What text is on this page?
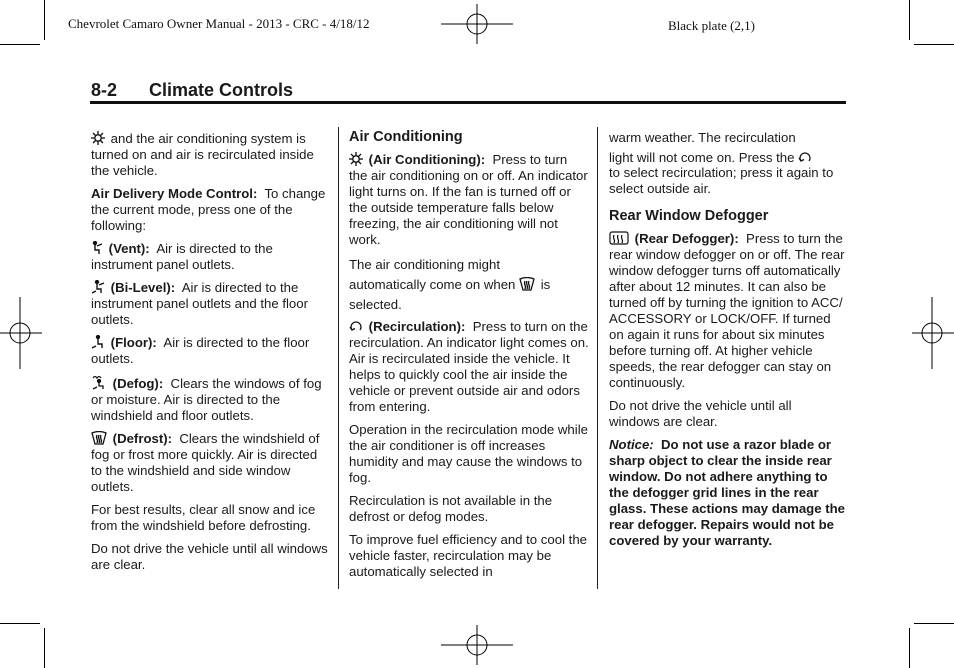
Chevrolet Camaro Owner Manual - 2013 - CRC - 4/18/12	Black plate (2,1)
8-2 Climate Controls

and the air conditioning system is turned on and air is recirculated inside the vehicle.

Air Delivery Mode Control: To change the current mode, press one of the following:

(Vent): Air is directed to the instrument panel outlets.

(Bi-Level): Air is directed to the instrument panel outlets and the floor outlets.

(Floor): Air is directed to the floor outlets.

(Defog): Clears the windows of fog or moisture. Air is directed to the windshield and floor outlets.

(Defrost): Clears the windshield of fog or frost more quickly. Air is directed to the windshield and side window outlets.

For best results, clear all snow and ice from the windshield before defrosting.

Do not drive the vehicle until all windows are clear.

Air Conditioning

(Air Conditioning): Press to turn the air conditioning on or off. An indicator light turns on. If the fan is turned off or the outside temperature falls below freezing, the air conditioning will not work.

The air conditioning might
automatically come on when is selected.

(Recirculation): Press to turn on the recirculation. An indicator light comes on. Air is recirculated inside the vehicle. It helps to quickly cool the air inside the vehicle or prevent outside air and odors from entering.

Operation in the recirculation mode while the air conditioner is off increases humidity and may cause the windows to fog.

Recirculation is not available in the defrost or defog modes.

To improve fuel efficiency and to cool the vehicle faster, recirculation may be automatically selected in

warm weather. The recirculation
light will not come on. Press the

to select recirculation; press it again to select outside air.

Rear Window Defogger

(Rear Defogger): Press to turn the rear window defogger on or off. The rear window defogger turns off automatically after about 12 minutes. It can also be turned off by turning the ignition to ACC/ ACCESSORY or LOCK/OFF. If turned on again it runs for about six minutes before turning off. At higher vehicle speeds, the rear defogger can stay on continuously.

Do not drive the vehicle until all windows are clear.

Notice: Do not use a razor blade or sharp object to clear the inside rear window. Do not adhere anything to the defogger grid lines in the rear glass. These actions may damage the rear defogger. Repairs would not be covered by your warranty.
